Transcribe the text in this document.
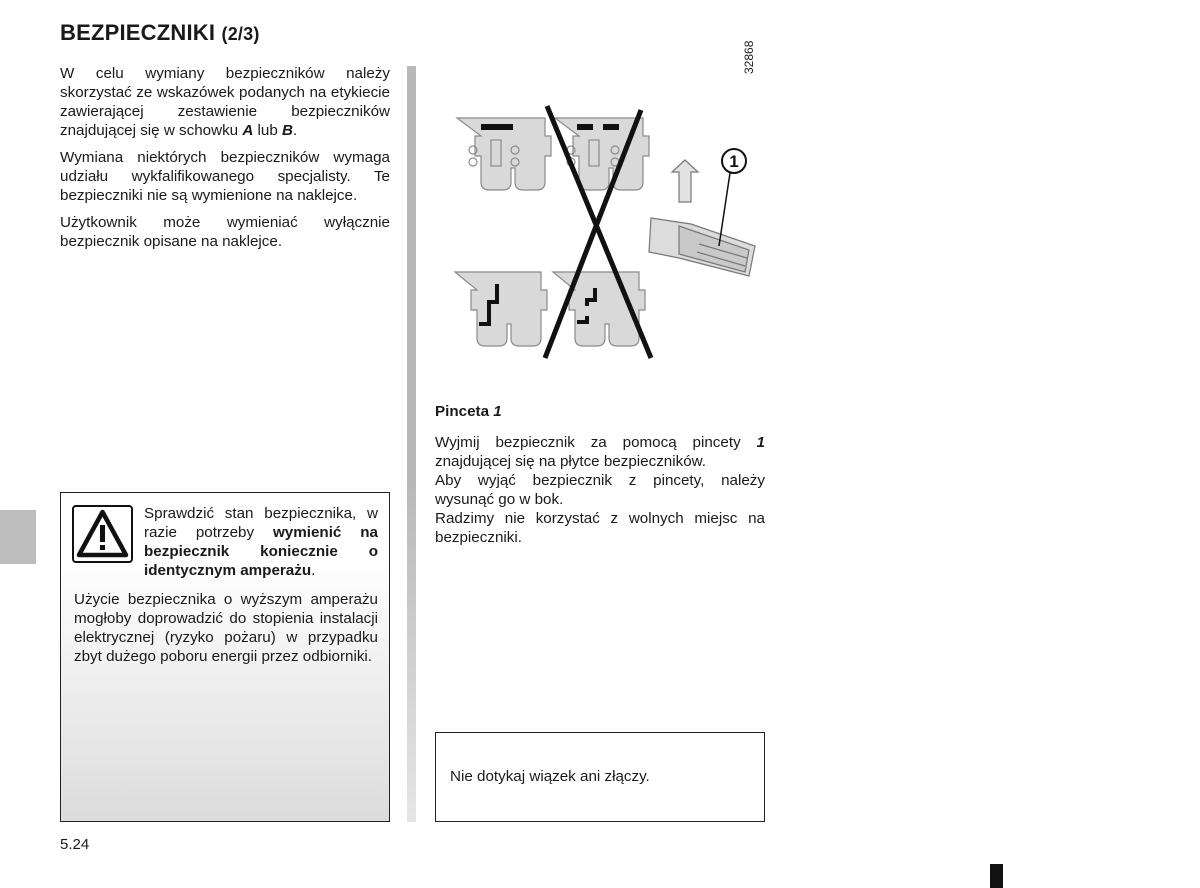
BEZPIECZNIKI (2/3)

W celu wymiany bezpieczników należy skorzystać ze wskazówek podanych na etykiecie zawierającej zestawienie bezpieczników znajdującej się w schowku A lub B.

Wymiana niektórych bezpieczników wymaga udziału wykfalifikowanego specjalisty. Te bezpieczniki nie są wymienione na naklejce.

Użytkownik może wymieniać wyłącznie bezpiecznik opisane na naklejce.

Sprawdzić stan bezpiecznika, w razie potrzeby wymienić na bezpiecznik koniecznie o identycznym amperażu.
Użycie bezpiecznika o wyższym amperażu mogłoby doprowadzić do stopienia instalacji elektrycznej (ryzyko pożaru) w przypadku zbyt dużego poboru energii przez odbiorniki.
1
32868
Pinceta 1

Wyjmij bezpiecznik za pomocą pincety 1 znajdującej się na płytce bezpieczników.

Aby wyjąć bezpiecznik z pincety, należy wysunąć go w bok.

Radzimy nie korzystać z wolnych miejsc na bezpieczniki.

Nie dotykaj wiązek ani złączy.
5.24
